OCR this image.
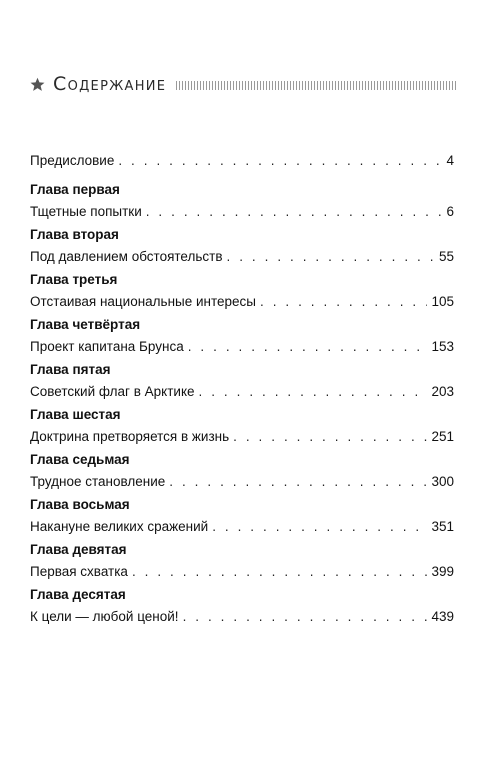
Содержание
Предисловие . . .	4
Глава первая
Тщетные попытки . . .	6
Глава вторая
Под давлением обстоятельств . . .	55
Глава третья
Отстаивая национальные интересы . . .	105
Глава четвёртая
Проект капитана Брунса . . .	153
Глава пятая
Советский флаг в Арктике . . .	203
Глава шестая
Доктрина претворяется в жизнь . . .	251
Глава седьмая
Трудное становление . . .	300
Глава восьмая
Накануне великих сражений . . .	351
Глава девятая
Первая схватка . . .	399
Глава десятая
К цели — любой ценой! . . .	439
